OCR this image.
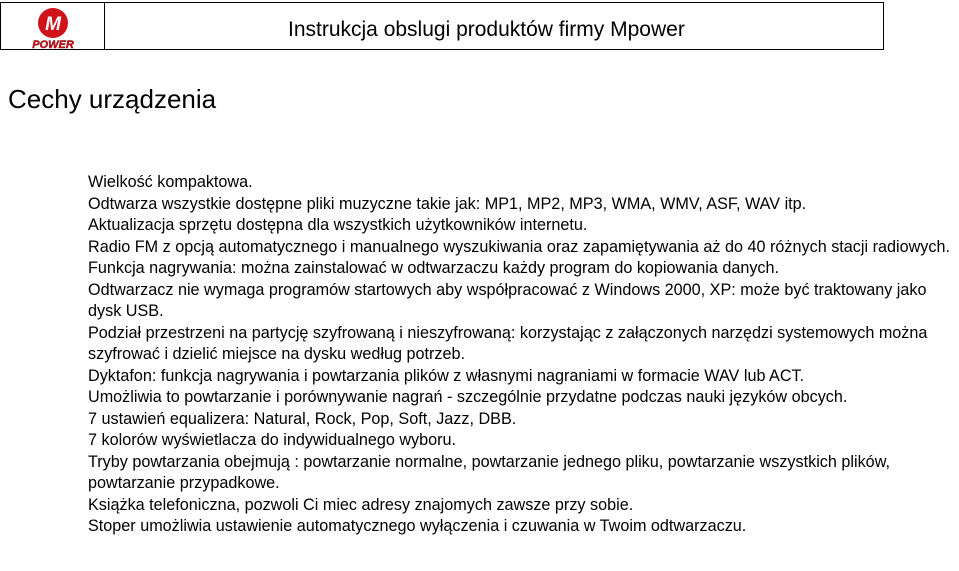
M
POWER
Instrukcja obslugi produktów firmy Mpower
Cechy urządzenia
Wielkość kompaktowa.
Odtwarza wszystkie dostępne pliki muzyczne takie jak: MP1, MP2, MP3, WMA, WMV, ASF, WAV itp.
Aktualizacja sprzętu dostępna dla wszystkich użytkowników internetu.
Radio FM z opcją automatycznego i manualnego wyszukiwania oraz zapamiętywania aż do 40 różnych stacji radiowych.
Funkcja nagrywania: można zainstalować w odtwarzaczu każdy program do kopiowania danych.
Odtwarzacz nie wymaga programów startowych aby współpracować z Windows 2000, XP: może być traktowany jako dysk USB.
Podział przestrzeni na partycję szyfrowaną i nieszyfrowaną: korzystając z załączonych narzędzi systemowych można szyfrować i dzielić miejsce na dysku według potrzeb.
Dyktafon: funkcja nagrywania i powtarzania plików z własnymi nagraniami w formacie WAV lub ACT.
Umożliwia to powtarzanie i porównywanie nagrań - szczególnie przydatne podczas nauki języków obcych.
7 ustawień equalizera: Natural, Rock, Pop, Soft, Jazz, DBB.
7 kolorów wyświetlacza do indywidualnego wyboru.
Tryby powtarzania obejmują : powtarzanie normalne, powtarzanie jednego pliku, powtarzanie wszystkich plików, powtarzanie przypadkowe.
Książka telefoniczna, pozwoli Ci miec adresy znajomych zawsze przy sobie.
Stoper umożliwia ustawienie automatycznego wyłączenia i czuwania w Twoim odtwarzaczu.
